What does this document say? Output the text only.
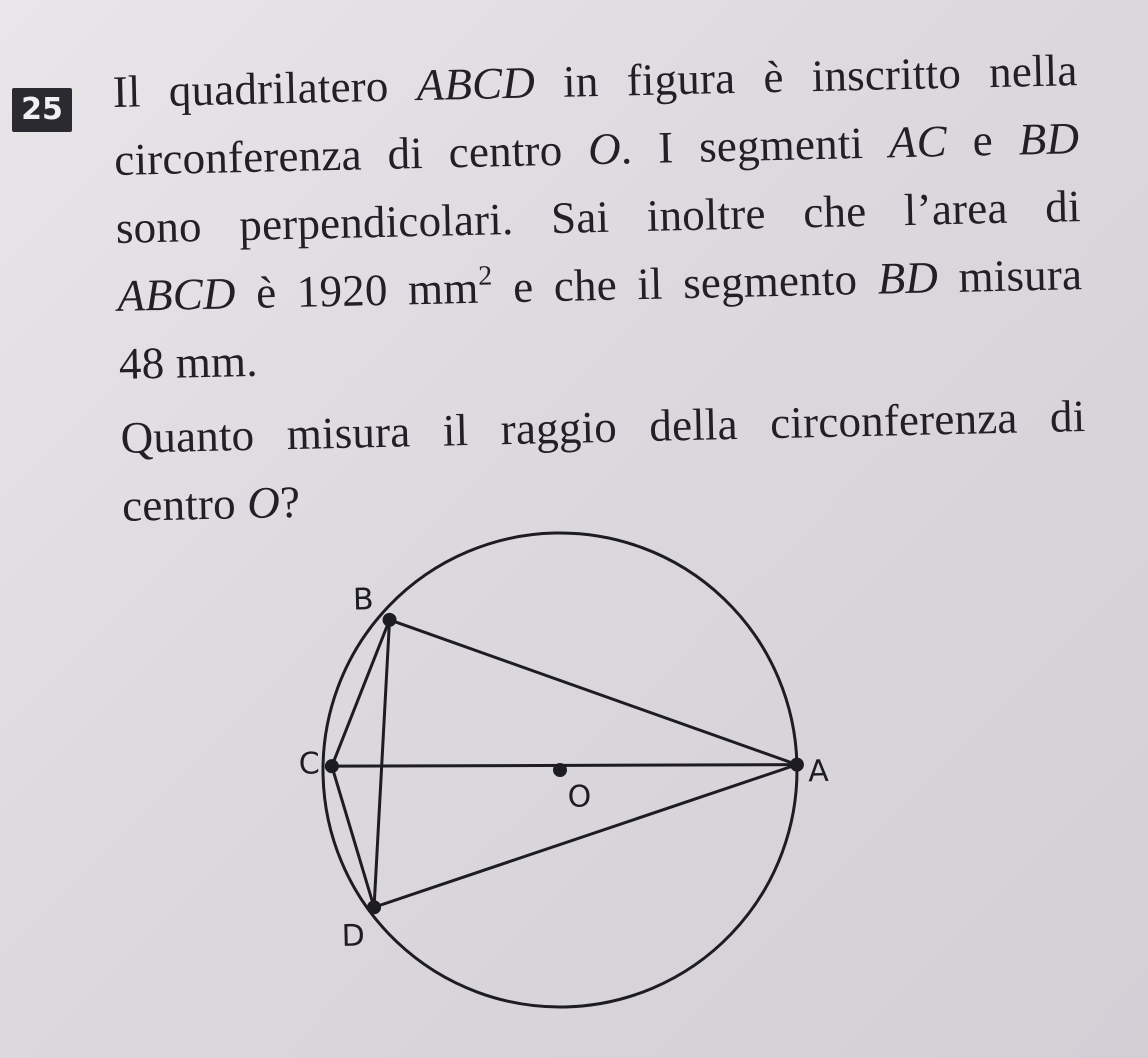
25 Il quadrilatero ABCD in figura è inscritto nella
circonferenza di centro O. I segmenti AC e BD
sono perpendicolari. Sai inoltre che l’area di
ABCD è 1920 $mm^2$ e che il segmento BD misura
48 mm.
Quanto misura il raggio della circonferenza di
centro O?
B
C
O
A
D
